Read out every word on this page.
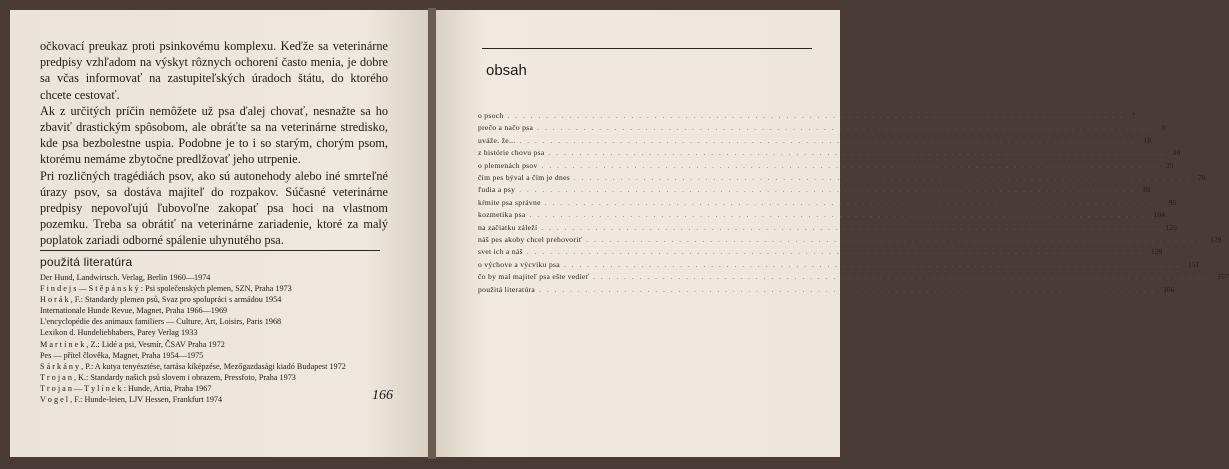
očkovací preukaz proti psinkovému komplexu. Keďže sa veterinárne predpisy vzhľadom na výskyt rôznych ochorení často menia, je dobre sa včas informovať na zastupiteľských úradoch štátu, do ktorého chcete cestovať.

Ak z určitých príčin nemôžete už psa ďalej chovať, nesnažte sa ho zbaviť drastickým spôsobom, ale obráťte sa na veterinárne stredisko, kde psa bezbolestne uspia. Podobne je to i so starým, chorým psom, ktorému nemáme zbytočne predlžovať jeho utrpenie.

Pri rozličných tragédiách psov, ako sú autonehody alebo iné smrteľné úrazy psov, sa dostáva majiteľ do rozpakov. Súčasné veterinárne predpisy nepovoľujú ľubovoľne zakopať psa hoci na vlastnom pozemku. Treba sa obrátiť na veterinárne zariadenie, ktoré za malý poplatok zariadi odborné spálenie uhynutého psa.

použitá literatúra
Der Hund, Landwirtsch. Verlag, Berlin 1960—1974
F i n d e j s — S t ě p á n s k ý : Psi společenských plemen, SZN, Praha 1973
H o r á k , F.: Standardy plemen psů, Svaz pro spolupráci s armádou 1954
Internationale Hunde Revue, Magnet, Praha 1966—1969
L'encyclopédie des animaux familiers — Culture, Art, Loisirs, Paris 1968
Lexikon d. Hundeliebhabers, Parey Verlag 1933
M a r t í n e k , Z.: Lidé a psi, Vesmír, ČSAV Praha 1972
Pes — přítel člověka, Magnet, Praha 1954—1975
S á r k á n y , P.: A kutya tenyésztése, tartása kiképzése, Mezőgazdasági kiadó Budapest 1972
T r o j a n , K.: Standardy našich psů slovem i obrazem, Pressfoto, Praha 1973
T r o j a n — T y l í n e k : Hunde, Artia, Praha 1967
V o g e l , F.: Hunde-leien, LJV Hessen, Frankfurt 1974	166
obsah
o psoch ................................................................................ 7
prečo a načo psa ................................................................................ 9
uváže. že... ................................................................................ 18
z histórie chovu psa ................................................................................ 30
o plemenách psov ................................................................................ 35
čím pes býval a čím je dnes ................................................................................ 78
ľudia a psy ................................................................................ 81
kŕmite psa správne ................................................................................ 95
kozmetika psa ................................................................................ 104
na začiatku záleží ................................................................................ 125
náš pes akoby chcel prehovoriť ................................................................................ 129
svet ich a náš ................................................................................ 139
o výchove a výcviku psa ................................................................................ 151
čo by mal majiteľ psa ešte vedieť ................................................................................ 157
použitá literatúra ................................................................................ 166
